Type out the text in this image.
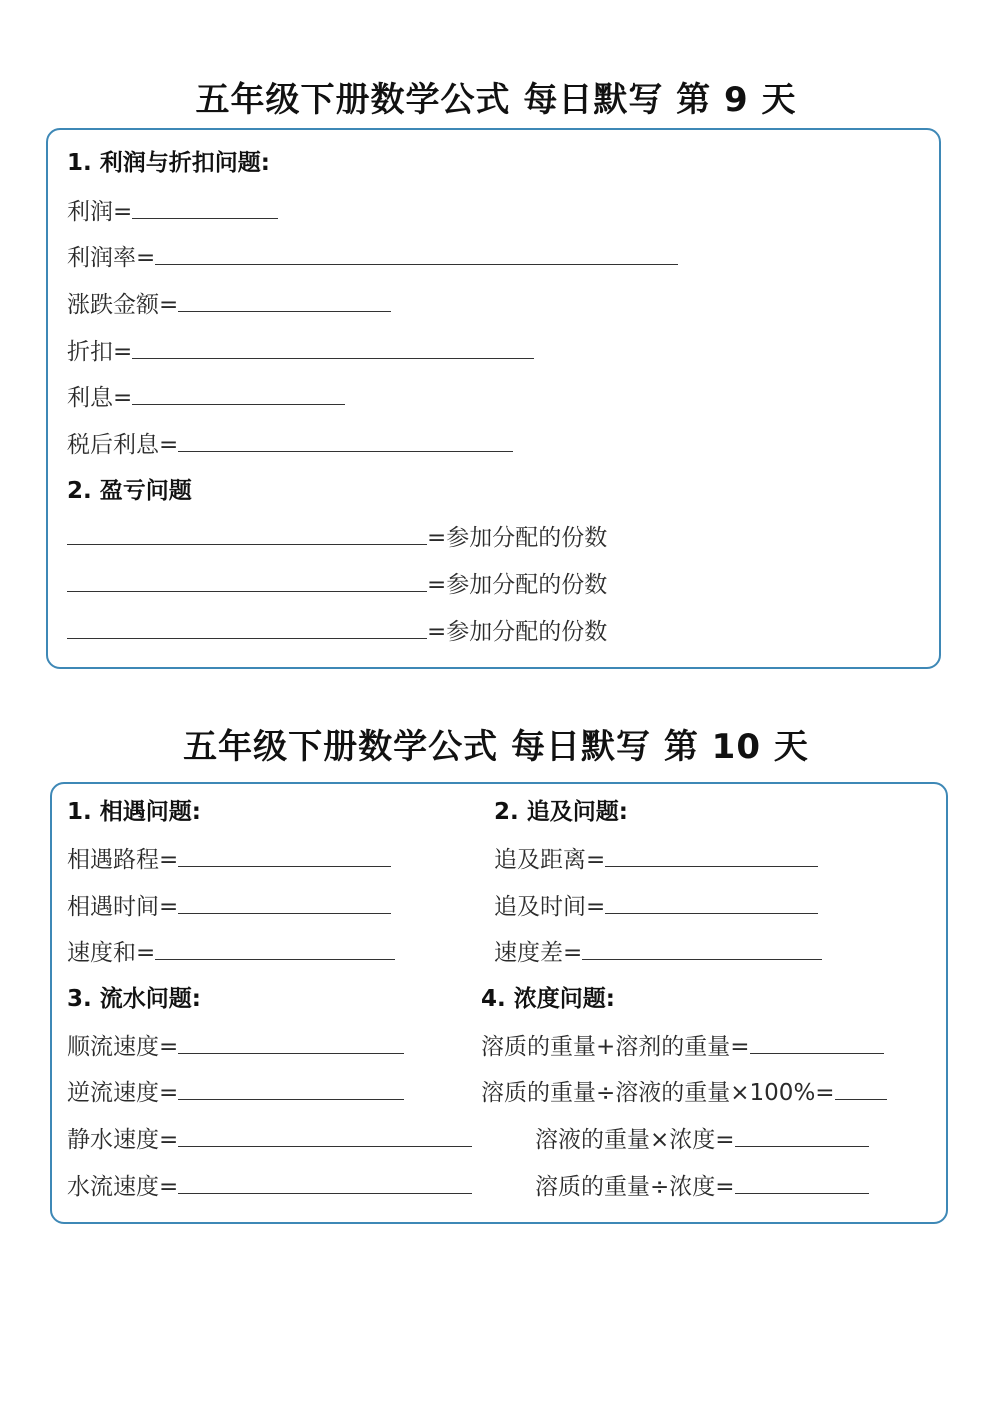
五年级下册数学公式 每日默写 第 9 天
1. 利润与折扣问题:
利润=
利润率=
涨跌金额=
折扣=
利息=
税后利息=
2. 盈亏问题
=参加分配的份数
=参加分配的份数
=参加分配的份数
五年级下册数学公式 每日默写 第 10 天
1. 相遇问题:
相遇路程=
相遇时间=
速度和=
3. 流水问题:
顺流速度=
逆流速度=
静水速度=
水流速度=
2. 追及问题:
追及距离=
追及时间=
速度差=
4. 浓度问题:
溶质的重量+溶剂的重量=
溶质的重量÷溶液的重量×100%=
溶液的重量×浓度=
溶质的重量÷浓度=
